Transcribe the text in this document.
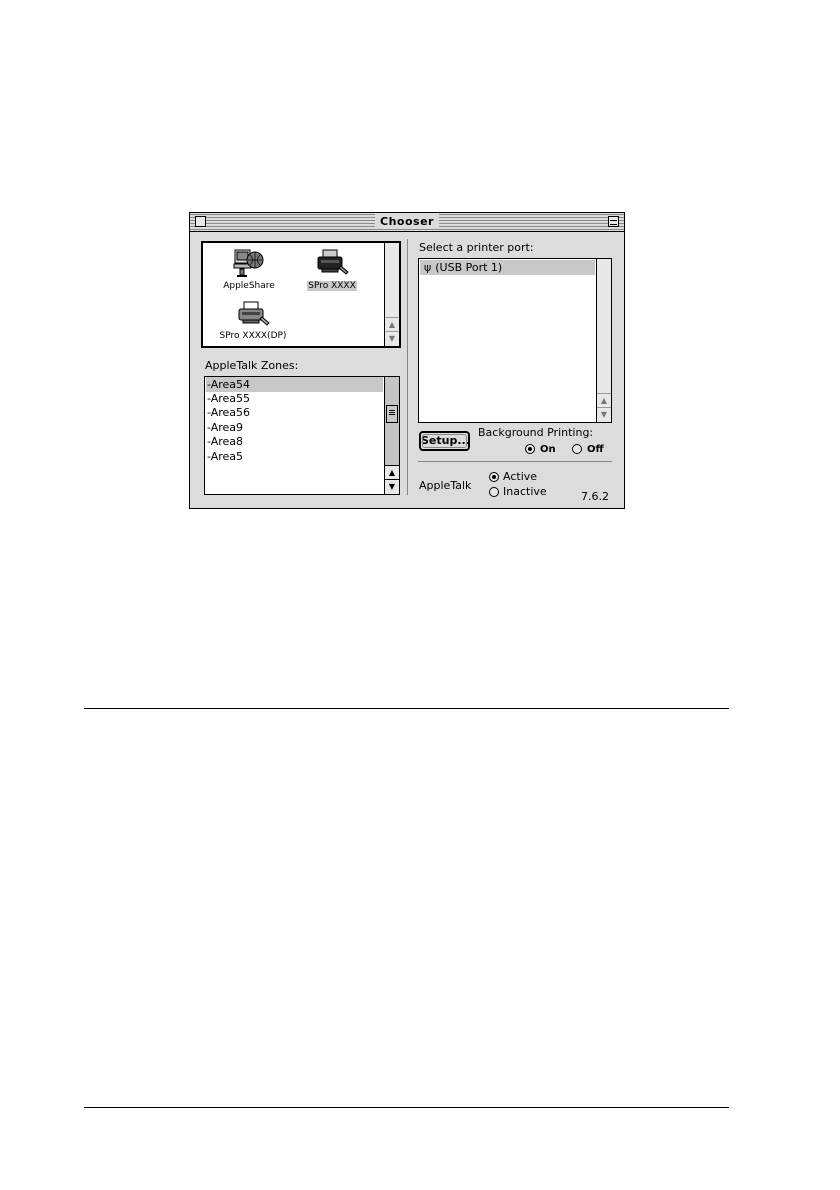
Chooser
AppleShare	SPro XXXX
SPro XXXX(DP)
▲
▼
AppleTalk Zones:
-Area54
-Area55
-Area56
-Area9
-Area8
-Area5
▲
▼
Select a printer port:
ψ (USB Port 1)
▲
▼
Setup...
Background Printing:
On	Off
AppleTalk
Active
Inactive	7.6.2
